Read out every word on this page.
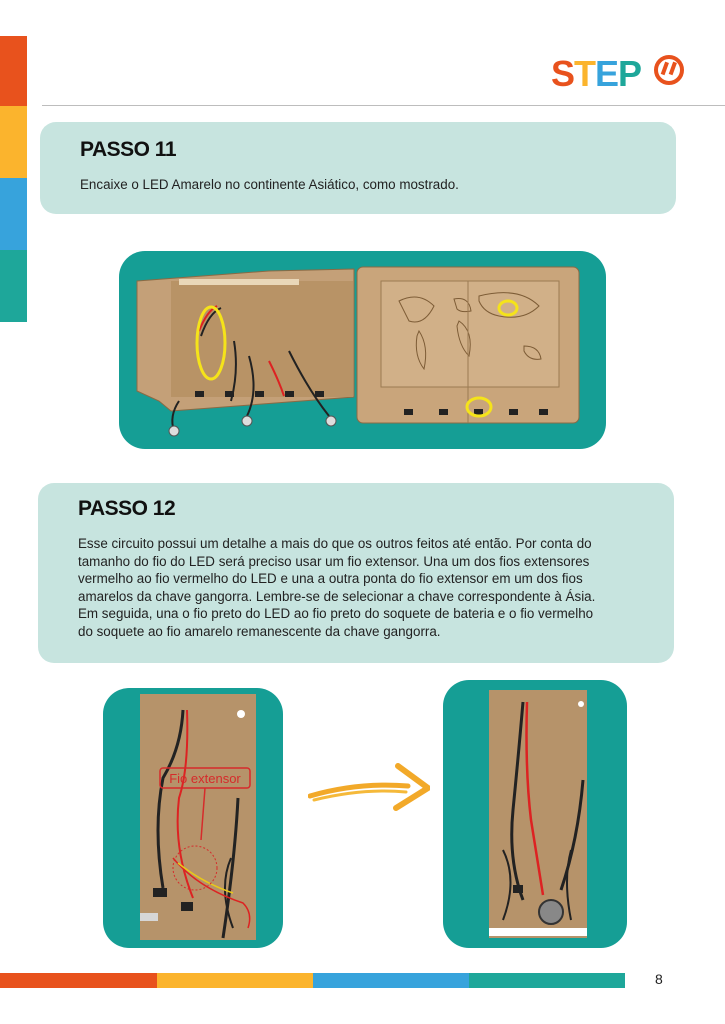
STEP
PASSO 11

Encaixe o LED Amarelo no continente Asiático, como mostrado.

PASSO 12

Esse circuito possui um detalhe a mais do que os outros feitos até então. Por conta do
tamanho do fio do LED será preciso usar um fio extensor. Una um dos fios extensores
vermelho ao fio vermelho do LED e una a outra ponta do fio extensor em um dos fios
amarelos da chave gangorra. Lembre-se de selecionar a chave correspondente à Ásia.
Em seguida, una o fio preto do LED ao fio preto do soquete de bateria e o fio vermelho
do soquete ao fio amarelo remanescente da chave gangorra.

Fio extensor
8
